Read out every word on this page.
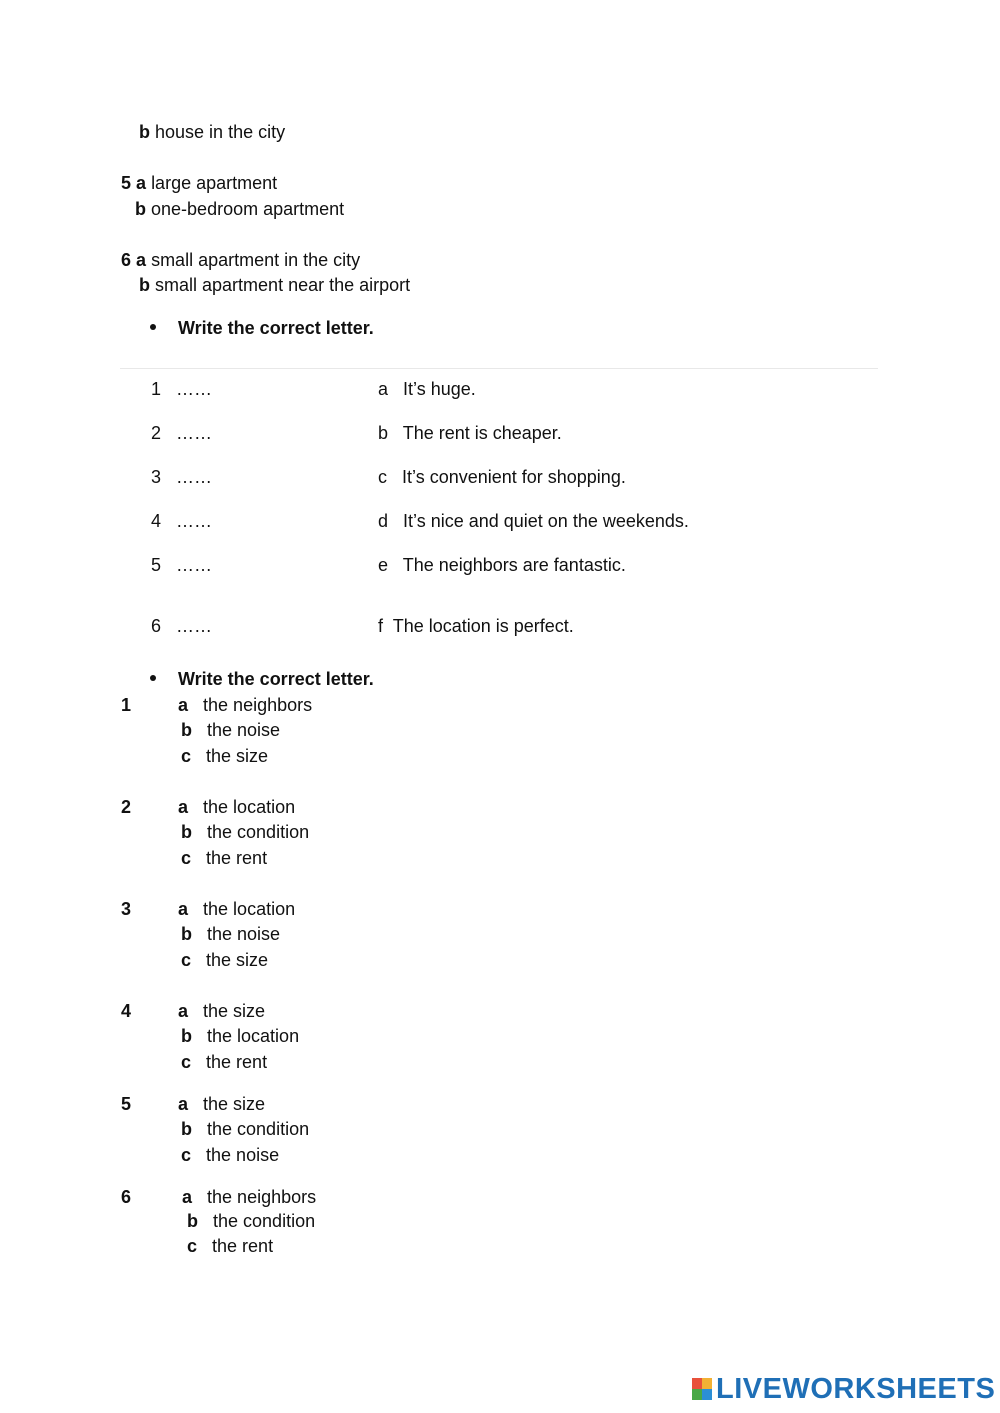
b house in the city
5 a large apartment
b one-bedroom apartment
6 a small apartment in the city
b small apartment near the airport
Write the correct letter.
1 ……	a It’s huge.
2 ……	b The rent is cheaper.
3 ……	c It’s convenient for shopping.
4 ……	d It’s nice and quiet on the weekends.
5 ……	e The neighbors are fantastic.
6 ……	f The location is perfect.
Write the correct letter.
1	a the neighbors
b the noise
c the size
2	a the location
b the condition
c the rent
3	a the location
b the noise
c the size
4	a the size
b the location
c the rent
5	a the size
b the condition
c the noise
6	a the neighbors
b the condition
c the rent
LIVEWORKSHEETS
